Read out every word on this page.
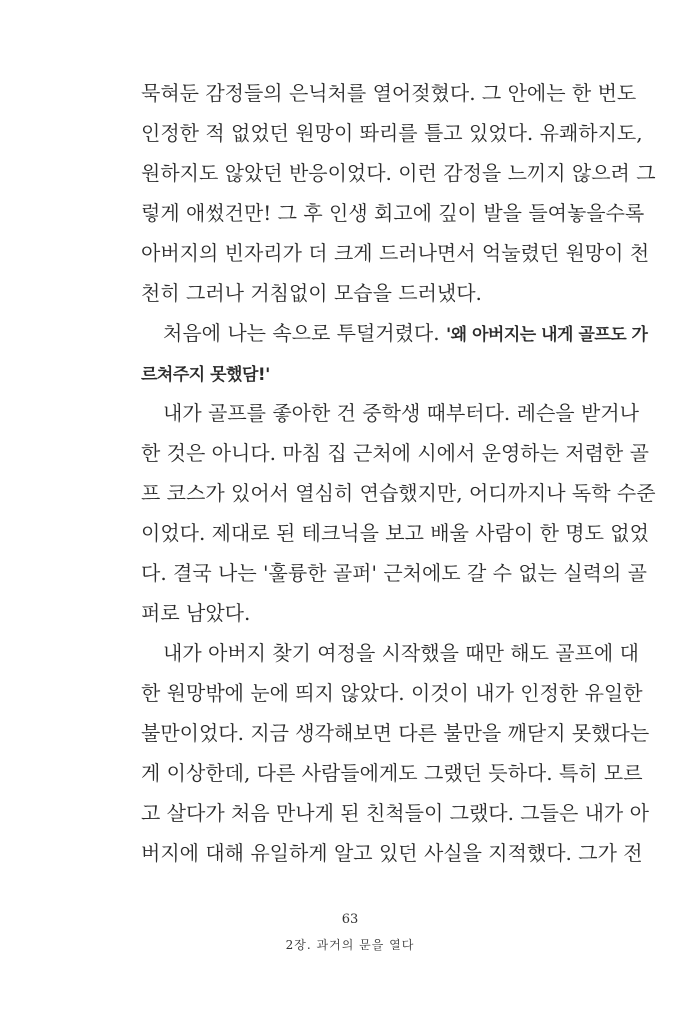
묵혀둔 감정들의 은닉처를 열어젖혔다. 그 안에는 한 번도
인정한 적 없었던 원망이 똬리를 틀고 있었다. 유쾌하지도,
원하지도 않았던 반응이었다. 이런 감정을 느끼지 않으려 그
렇게 애썼건만! 그 후 인생 회고에 깊이 발을 들여놓을수록
아버지의 빈자리가 더 크게 드러나면서 억눌렸던 원망이 천
천히 그러나 거침없이 모습을 드러냈다.
처음에 나는 속으로 투덜거렸다. '왜 아버지는 내게 골프도 가
르쳐주지 못했담!'
내가 골프를 좋아한 건 중학생 때부터다. 레슨을 받거나
한 것은 아니다. 마침 집 근처에 시에서 운영하는 저렴한 골
프 코스가 있어서 열심히 연습했지만, 어디까지나 독학 수준
이었다. 제대로 된 테크닉을 보고 배울 사람이 한 명도 없었
다. 결국 나는 '훌륭한 골퍼' 근처에도 갈 수 없는 실력의 골
퍼로 남았다.
내가 아버지 찾기 여정을 시작했을 때만 해도 골프에 대
한 원망밖에 눈에 띄지 않았다. 이것이 내가 인정한 유일한
불만이었다. 지금 생각해보면 다른 불만을 깨닫지 못했다는
게 이상한데, 다른 사람들에게도 그랬던 듯하다. 특히 모르
고 살다가 처음 만나게 된 친척들이 그랬다. 그들은 내가 아
버지에 대해 유일하게 알고 있던 사실을 지적했다. 그가 전
63
2장. 과거의 문을 열다
